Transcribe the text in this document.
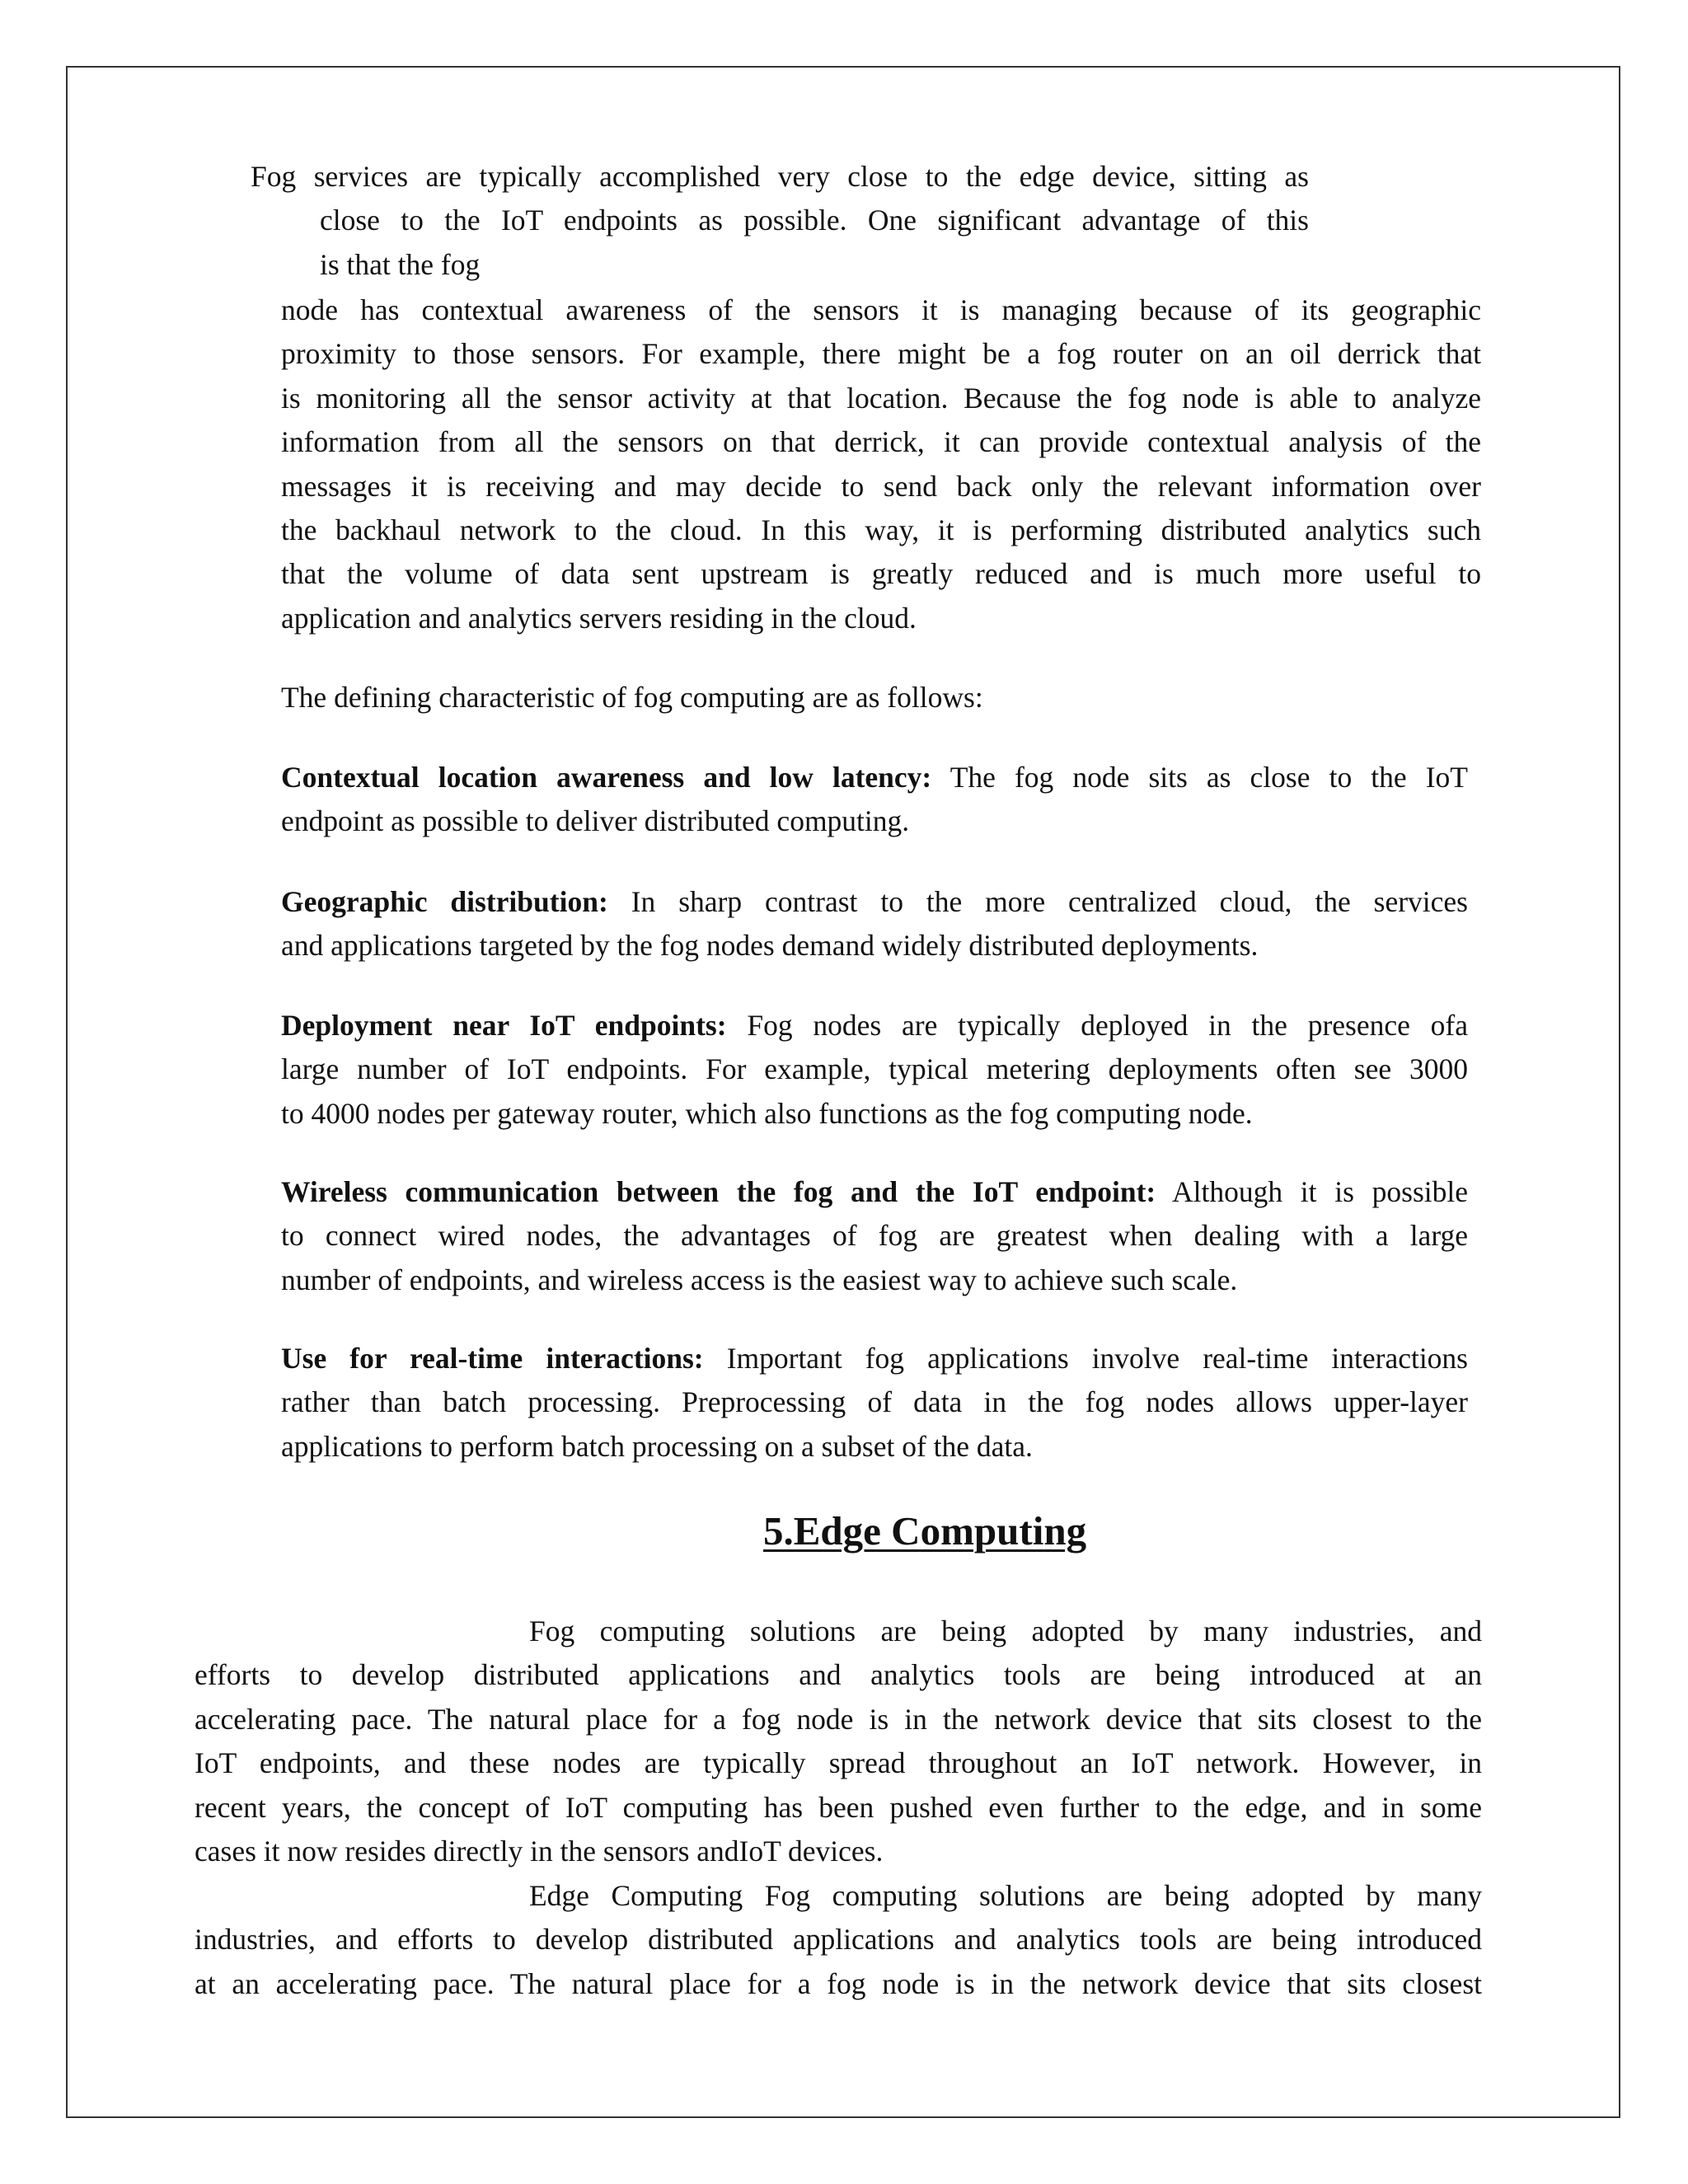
Fog services are typically accomplished very close to the edge device, sitting as
close to the IoT endpoints as possible. One significant advantage of this
is that the fog
node has contextual awareness of the sensors it is managing because of its geographic
proximity to those sensors. For example, there might be a fog router on an oil derrick that
is monitoring all the sensor activity at that location. Because the fog node is able to analyze
information from all the sensors on that derrick, it can provide contextual analysis of the
messages it is receiving and may decide to send back only the relevant information over
the backhaul network to the cloud. In this way, it is performing distributed analytics such
that the volume of data sent upstream is greatly reduced and is much more useful to
application and analytics servers residing in the cloud.
The defining characteristic of fog computing are as follows:
Contextual location awareness and low latency: The fog node sits as close to the IoT
endpoint as possible to deliver distributed computing.
Geographic distribution: In sharp contrast to the more centralized cloud, the services
and applications targeted by the fog nodes demand widely distributed deployments.
Deployment near IoT endpoints: Fog nodes are typically deployed in the presence ofa
large number of IoT endpoints. For example, typical metering deployments often see 3000
to 4000 nodes per gateway router, which also functions as the fog computing node.
Wireless communication between the fog and the IoT endpoint: Although it is possible
to connect wired nodes, the advantages of fog are greatest when dealing with a large
number of endpoints, and wireless access is the easiest way to achieve such scale.
Use for real-time interactions: Important fog applications involve real-time interactions
rather than batch processing. Preprocessing of data in the fog nodes allows upper-layer
applications to perform batch processing on a subset of the data.
5.Edge Computing
Fog computing solutions are being adopted by many industries, and
efforts to develop distributed applications and analytics tools are being introduced at an
accelerating pace. The natural place for a fog node is in the network device that sits closest to the
IoT endpoints, and these nodes are typically spread throughout an IoT network. However, in
recent years, the concept of IoT computing has been pushed even further to the edge, and in some
cases it now resides directly in the sensors andIoT devices.
Edge Computing Fog computing solutions are being adopted by many
industries, and efforts to develop distributed applications and analytics tools are being introduced
at an accelerating pace. The natural place for a fog node is in the network device that sits closest
